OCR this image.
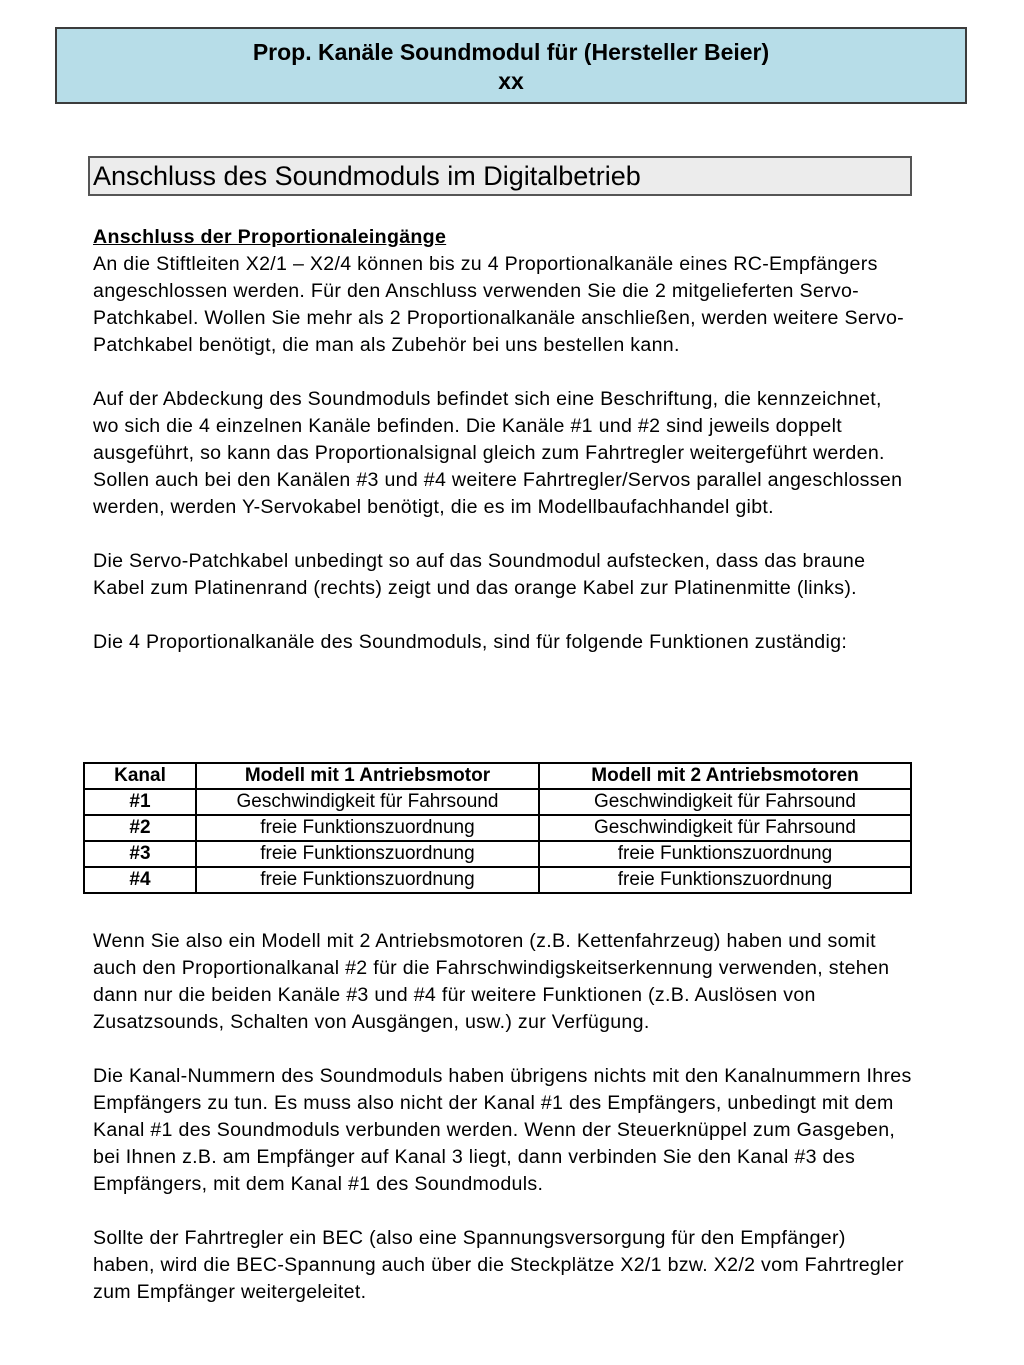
Prop. Kanäle Soundmodul für (Hersteller Beier)
xx
Anschluss des Soundmoduls im Digitalbetrieb
Anschluss der Proportionaleingänge

An die Stiftleiten X2/1 – X2/4 können bis zu 4 Proportionalkanäle eines RC-Empfängers angeschlossen werden. Für den Anschluss verwenden Sie die 2 mitgelieferten Servo-Patchkabel. Wollen Sie mehr als 2 Proportionalkanäle anschließen, werden weitere Servo-Patchkabel benötigt, die man als Zubehör bei uns bestellen kann.

Auf der Abdeckung des Soundmoduls befindet sich eine Beschriftung, die kennzeichnet, wo sich die 4 einzelnen Kanäle befinden. Die Kanäle #1 und #2 sind jeweils doppelt ausgeführt, so kann das Proportionalsignal gleich zum Fahrtregler weitergeführt werden. Sollen auch bei den Kanälen #3 und #4 weitere Fahrtregler/Servos parallel angeschlossen werden, werden Y-Servokabel benötigt, die es im Modellbaufachhandel gibt.

Die Servo-Patchkabel unbedingt so auf das Soundmodul aufstecken, dass das braune Kabel zum Platinenrand (rechts) zeigt und das orange Kabel zur Platinenmitte (links).

Die 4 Proportionalkanäle des Soundmoduls, sind für folgende Funktionen zuständig:

Kanal	Modell mit 1 Antriebsmotor	Modell mit 2 Antriebsmotoren
#1	Geschwindigkeit für Fahrsound	Geschwindigkeit für Fahrsound
#2	freie Funktionszuordnung	Geschwindigkeit für Fahrsound
#3	freie Funktionszuordnung	freie Funktionszuordnung
#4	freie Funktionszuordnung	freie Funktionszuordnung

Wenn Sie also ein Modell mit 2 Antriebsmotoren (z.B. Kettenfahrzeug) haben und somit auch den Proportionalkanal #2 für die Fahrschwindigskeitserkennung verwenden, stehen dann nur die beiden Kanäle #3 und #4 für weitere Funktionen (z.B. Auslösen von Zusatzsounds, Schalten von Ausgängen, usw.) zur Verfügung.

Die Kanal-Nummern des Soundmoduls haben übrigens nichts mit den Kanalnummern Ihres Empfängers zu tun. Es muss also nicht der Kanal #1 des Empfängers, unbedingt mit dem Kanal #1 des Soundmoduls verbunden werden. Wenn der Steuerknüppel zum Gasgeben, bei Ihnen z.B. am Empfänger auf Kanal 3 liegt, dann verbinden Sie den Kanal #3 des Empfängers, mit dem Kanal #1 des Soundmoduls.

Sollte der Fahrtregler ein BEC (also eine Spannungsversorgung für den Empfänger) haben, wird die BEC-Spannung auch über die Steckplätze X2/1 bzw. X2/2 vom Fahrtregler zum Empfänger weitergeleitet.
